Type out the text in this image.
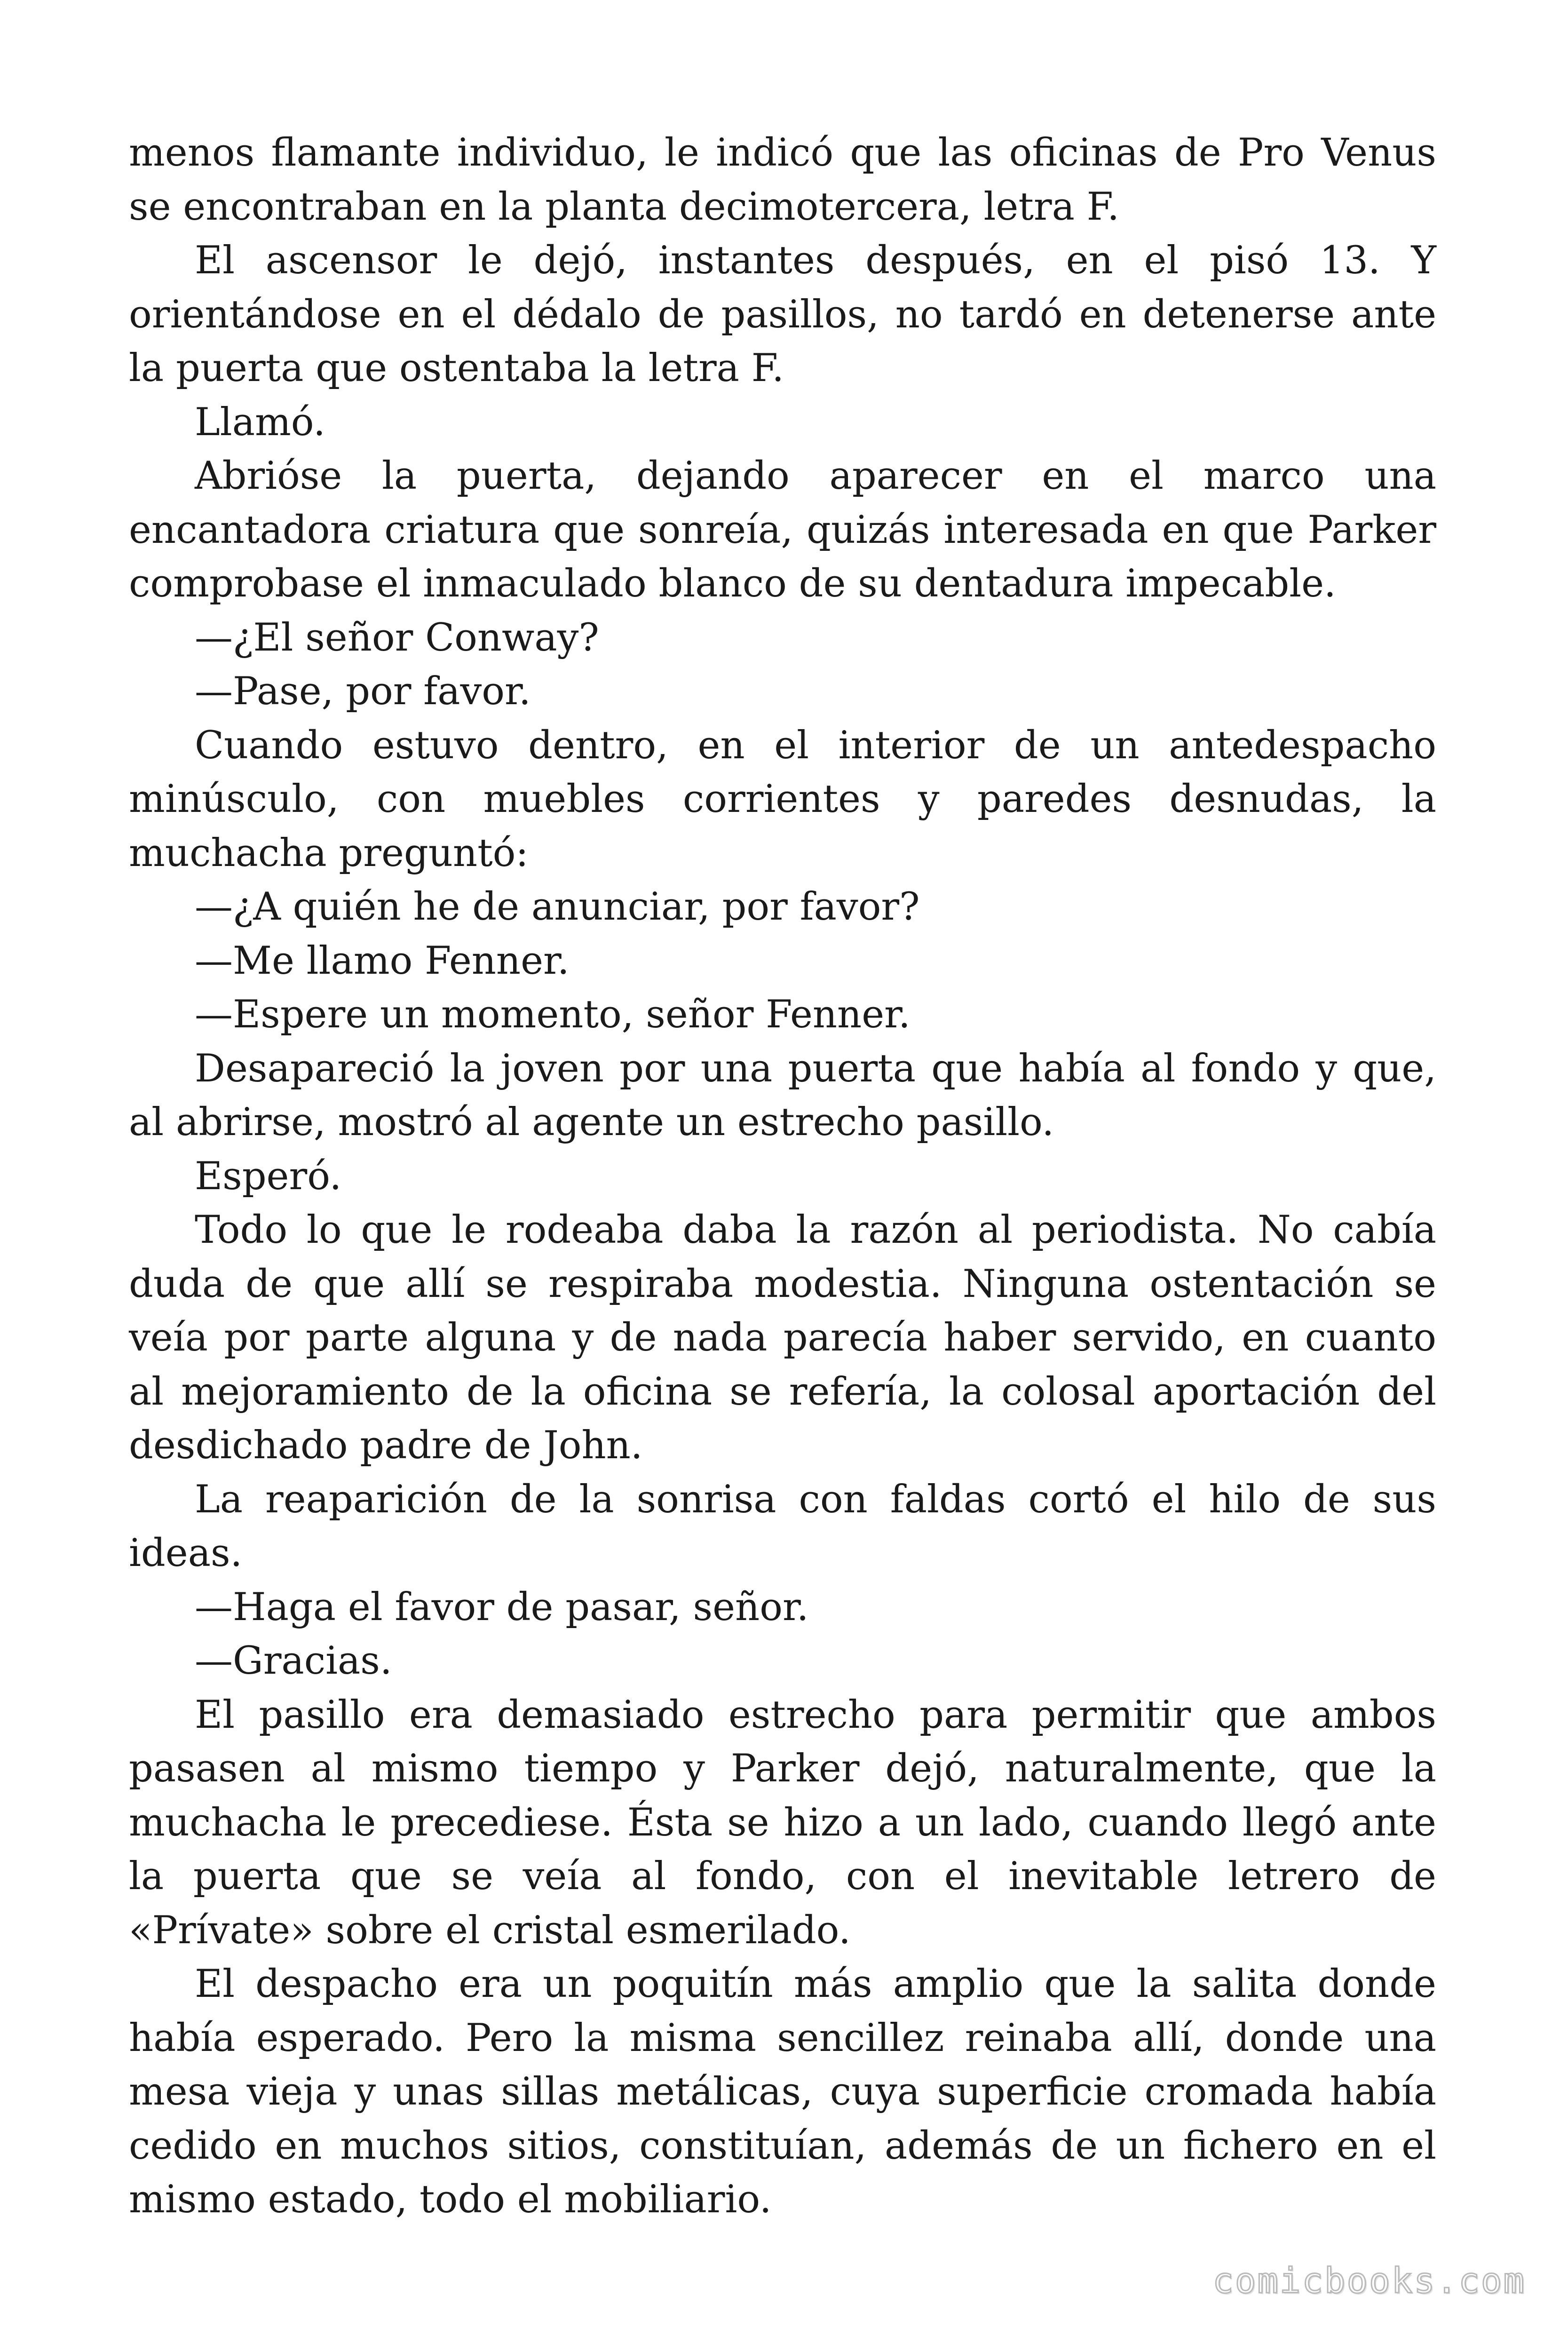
menos flamante individuo, le indicó que las oficinas de Pro Venus se encontraban en la planta decimotercera, letra F.

El ascensor le dejó, instantes después, en el pisó 13. Y orientándose en el dédalo de pasillos, no tardó en detenerse ante la puerta que ostentaba la letra F.

Llamó.

Abrióse la puerta, dejando aparecer en el marco una encantadora criatura que sonreía, quizás interesada en que Parker comprobase el inmaculado blanco de su dentadura impecable.

—¿El señor Conway?

—Pase, por favor.

Cuando estuvo dentro, en el interior de un antedespacho minúsculo, con muebles corrientes y paredes desnudas, la muchacha preguntó:

—¿A quién he de anunciar, por favor?

—Me llamo Fenner.

—Espere un momento, señor Fenner.

Desapareció la joven por una puerta que había al fondo y que, al abrirse, mostró al agente un estrecho pasillo.

Esperó.

Todo lo que le rodeaba daba la razón al periodista. No cabía duda de que allí se respiraba modestia. Ninguna ostentación se veía por parte alguna y de nada parecía haber servido, en cuanto al mejoramiento de la oficina se refería, la colosal aportación del desdichado padre de John.

La reaparición de la sonrisa con faldas cortó el hilo de sus ideas.

—Haga el favor de pasar, señor.

—Gracias.

El pasillo era demasiado estrecho para permitir que ambos pasasen al mismo tiempo y Parker dejó, naturalmente, que la muchacha le precediese. Ésta se hizo a un lado, cuando llegó ante la puerta que se veía al fondo, con el inevitable letrero de «Prívate» sobre el cristal esmerilado.

El despacho era un poquitín más amplio que la salita donde había esperado. Pero la misma sencillez reinaba allí, donde una mesa vieja y unas sillas metálicas, cuya superficie cromada había cedido en muchos sitios, constituían, además de un fichero en el mismo estado, todo el mobiliario.

comicbooks.com
